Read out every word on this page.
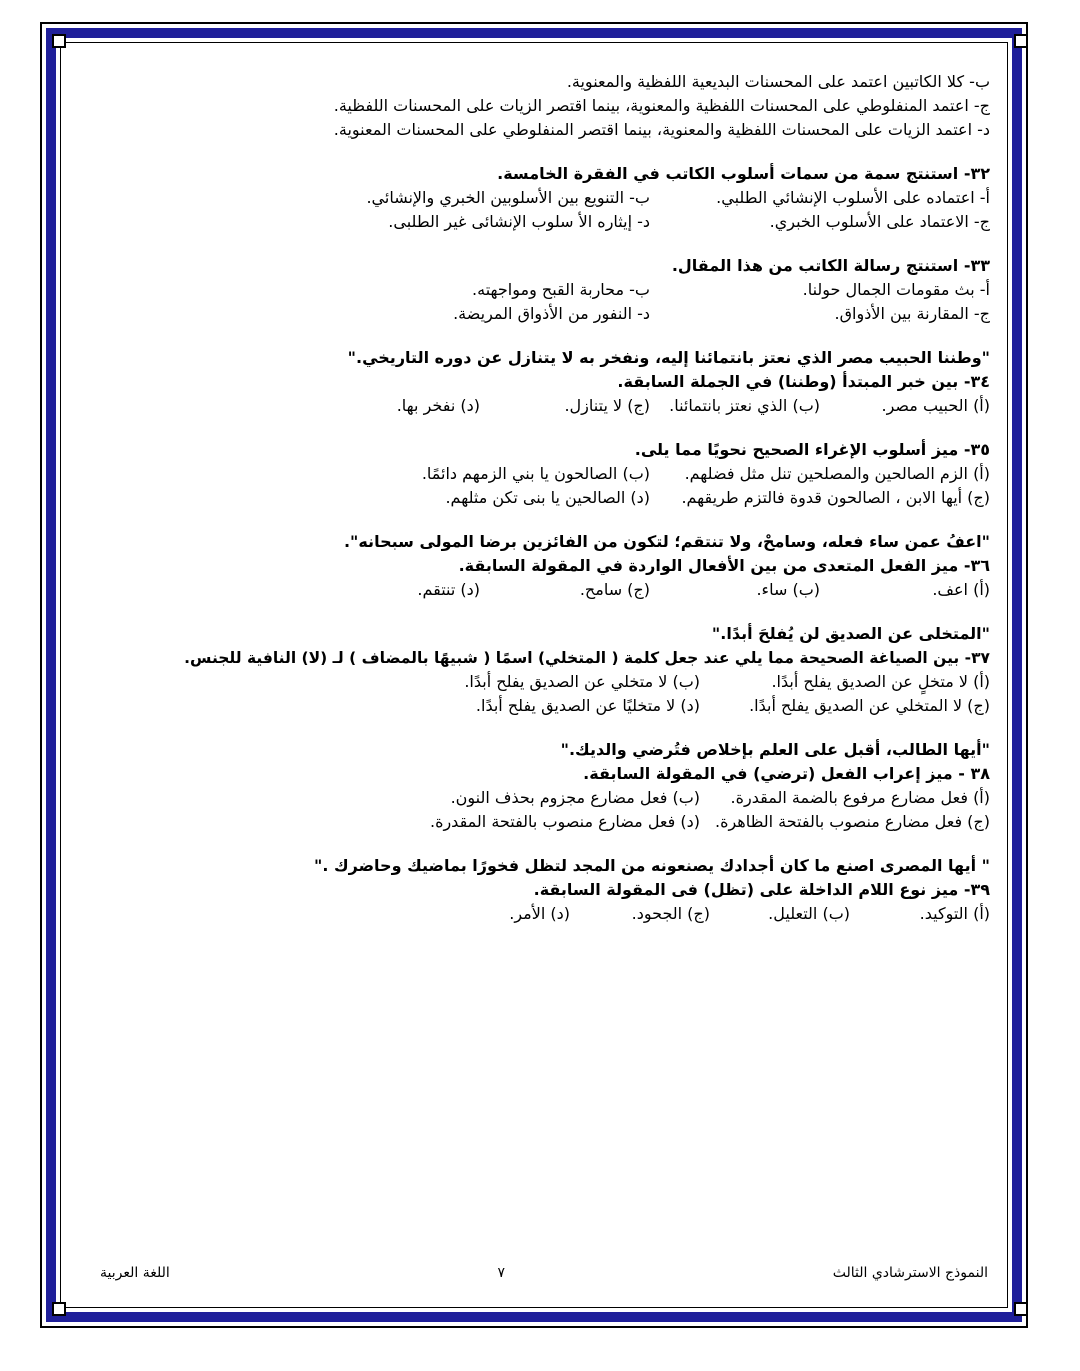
ب- كلا الكاتبين اعتمد على المحسنات البديعية اللفظية والمعنوية.
ج- اعتمد المنفلوطي على المحسنات اللفظية والمعنوية، بينما اقتصر الزيات على المحسنات اللفظية.
د- اعتمد الزيات على المحسنات اللفظية والمعنوية، بينما اقتصر المنفلوطي على المحسنات المعنوية.
٣٢- استنتج سمة من سمات أسلوب الكاتب في الفقرة الخامسة.
أ- اعتماده على الأسلوب الإنشائي الطلبي.
ب- التنويع بين الأسلوبين الخبري والإنشائي.
ج- الاعتماد على الأسلوب الخبري.
د- إيثاره الأ سلوب الإنشائى غير الطلبى.
٣٣- استنتج رسالة الكاتب من هذا المقال.
أ- بث مقومات الجمال حولنا.
ب- محاربة القبح ومواجهته.
ج- المقارنة بين الأذواق.
د- النفور من الأذواق المريضة.
"وطننا الحبيب مصر الذي نعتز بانتمائنا إليه، ونفخر به لا يتنازل عن دوره التاريخي."
٣٤- بين خبر المبتدأ (وطننا) في الجملة السابقة.
(أ) الحبيب مصر.
(ب) الذي نعتز بانتمائنا.
(ج) لا يتنازل.
(د) نفخر بها.
٣٥- ميز أسلوب الإغراء الصحيح نحويًا مما يلى.
(أ) الزم الصالحين والمصلحين تنل مثل فضلهم.
(ب) الصالحون يا بني الزمهم دائمًا.
(ج) أيها الابن ، الصالحون قدوة فالتزم طريقهم.
(د) الصالحين يا بنى تكن مثلهم.
"اعفُ عمن ساء فعله، وسامحْ، ولا تنتقم؛ لتكون من الفائزين برضا المولى سبحانه".
٣٦- ميز الفعل المتعدى من بين الأفعال الواردة في المقولة السابقة.
(أ) اعف.
(ب) ساء.
(ج) سامح.
(د) تنتقم.
"المتخلى عن الصديق لن يُفلحَ أبدًا."
٣٧- بين الصياغة الصحيحة مما يلي عند جعل كلمة ( المتخلي) اسمًا ( شبيهًا بالمضاف ) لـ (لا) النافية للجنس.
(أ) لا متخلٍ عن الصديق يفلح أبدًا.
(ب) لا متخلي عن الصديق يفلح أبدًا.
(ج) لا المتخلي عن الصديق يفلح أبدًا.
(د) لا متخليًا عن الصديق يفلح أبدًا.
"أيها الطالب، أقبل على العلم بإخلاص فتُرضي والديك."
٣٨ - ميز إعراب الفعل (ترضي) في المقولة السابقة.
(أ) فعل مضارع مرفوع بالضمة المقدرة.
(ب) فعل مضارع مجزوم بحذف النون.
(ج) فعل مضارع منصوب بالفتحة الظاهرة.
(د) فعل مضارع منصوب بالفتحة المقدرة.
" أيها المصرى اصنع ما كان أجدادك يصنعونه من المجد لتظل فخورًا بماضيك وحاضرك ."
٣٩- ميز نوع اللام الداخلة على (تظل) فى المقولة السابقة.
(أ) التوكيد.
(ب) التعليل.
(ج) الجحود.
(د) الأمر.
النموذج الاسترشادي الثالث
٧
اللغة العربية
